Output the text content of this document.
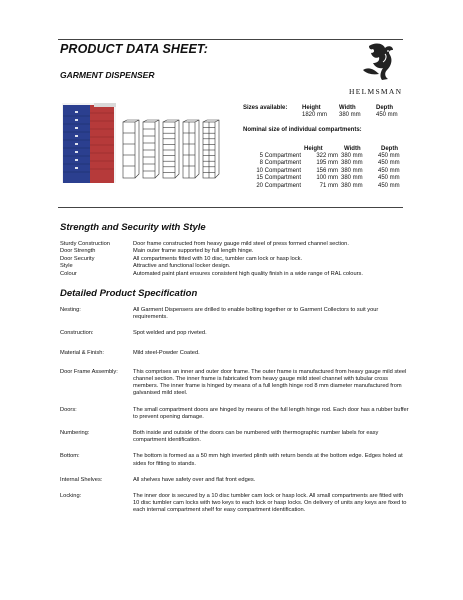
PRODUCT DATA SHEET:
GARMENT DISPENSER
HELMSMAN
Sizes available:	Height	Width	Depth
1820 mm	380 mm	450 mm
Nominal size of individual compartments:
Height	Width	Depth
5 Compartment	322 mm 380 mm	450 mm
8 Compartment	195 mm 380 mm	450 mm
10 Compartment	156 mm 380 mm	450 mm
15 Compartment	100 mm 380 mm	450 mm
20 Compartment	71 mm 380 mm	450 mm
Strength and Security with Style
Sturdy Construction	Door frame constructed from heavy gauge mild steel of press formed channel section.
Door Strength	Main outer frame supported by full length hinge.
Door Security	All compartments fitted with 10 disc, tumbler cam lock or hasp lock.
Style	Attractive and functional locker design.
Colour	Automated paint plant ensures consistent high quality finish in a wide range of RAL colours.
Detailed Product Specification
Nesting:	All Garment Dispensers are drilled to enable bolting together or to Garment Collectors to suit your requirements.
Construction:	Spot welded and pop riveted.
Material & Finish:	Mild steel-Powder Coated.
Door Frame Assembly:	This comprises an inner and outer door frame. The outer frame is manufactured from heavy gauge mild steel channel section. The inner frame is fabricated from heavy gauge mild steel channel with tubular cross members. The inner frame is hinged by means of a full length hinge rod 8 mm diameter manufactured from galvanised mild steel.
Doors:	The small compartment doors are hinged by means of the full length hinge rod. Each door has a rubber buffer to prevent opening damage.
Numbering:	Both inside and outside of the doors can be numbered with thermographic number labels for easy compartment identification.
Bottom:	The bottom is formed as a 50 mm high inverted plinth with return bends at the bottom edge. Edges holed at sides for fitting to stands.
Internal Shelves:	All shelves have safety over and flat front edges.
Locking:	The inner door is secured by a 10 disc tumbler cam lock or hasp lock. All small compartments are fitted with 10 disc tumbler cam locks with two keys to each lock or hasp locks. On delivery of units any keys are fixed to each internal compartment shelf for easy compartment identification.
